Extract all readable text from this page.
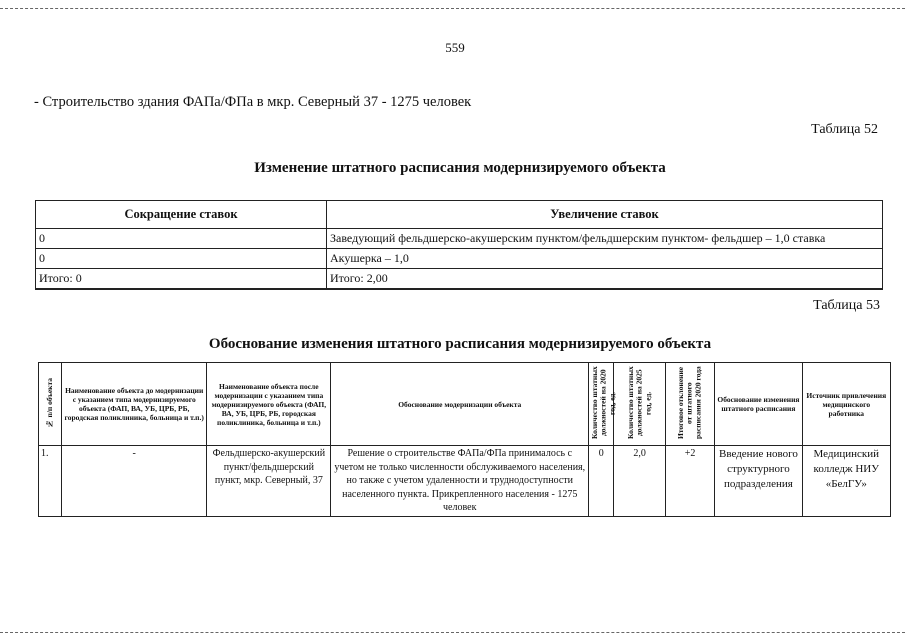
559
- Строительство здания ФАПа/ФПа в мкр. Северный 37 - 1275 человек
Таблица 52
Изменение штатного расписания модернизируемого объекта
Сокращение ставок	Увеличение ставок
0	Заведующий фельдшерско-акушерским пунктом/фельдшерским пунктом- фельдшер – 1,0 ставка
0	Акушерка – 1,0
Итого: 0	Итого: 2,00
Таблица 53
Обоснование изменения штатного расписания модернизируемого объекта
№ п/п объекта	Наименование объекта до модернизации с указанием типа модернизируемого объекта (ФАП, ВА, УБ, ЦРБ, РБ, городская поликлиника, больница и т.п.)	Наименование объекта после модернизации с указанием типа модернизируемого объекта (ФАП, ВА, УБ, ЦРБ, РБ, городская поликлиника, больница и т.п.)	Обоснование модернизации объекта	Количество штатных должностей на 2020 год, ед.	Количество штатных должностей на 2025 год, ед.	Итоговое отклонение от штатного расписания 2020 года	Обоснование изменения штатного расписания	Источник привлечения медицинского работника
1.	-	Фельдшерско-акушерский пункт/фельдшерский пункт, мкр. Северный, 37	Решение о строительстве ФАПа/ФПа принималось с учетом не только численности обслуживаемого населения, но также с учетом удаленности и труднодоступности населенного пункта. Прикрепленного населения - 1275 человек	0	2,0	+2	Введение нового структурного подразделения	Медицинский колледж НИУ «БелГУ»
